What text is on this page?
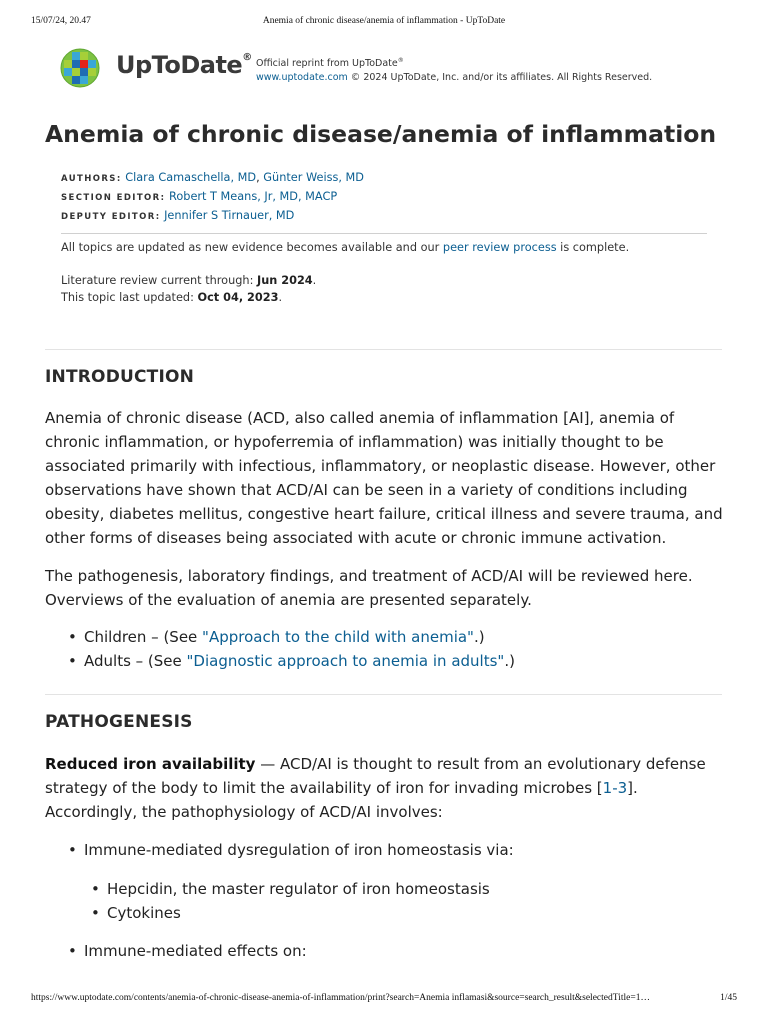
15/07/24, 20.47	Anemia of chronic disease/anemia of inflammation - UpToDate
UpToDate®
Official reprint from UpToDate®
www.uptodate.com © 2024 UpToDate, Inc. and/or its affiliates. All Rights Reserved.
Anemia of chronic disease/anemia of inflammation
AUTHORS: Clara Camaschella, MD, Günter Weiss, MD
SECTION EDITOR: Robert T Means, Jr, MD, MACP
DEPUTY EDITOR: Jennifer S Tirnauer, MD
All topics are updated as new evidence becomes available and our peer review process is complete.
Literature review current through: Jun 2024.
This topic last updated: Oct 04, 2023.
INTRODUCTION

Anemia of chronic disease (ACD, also called anemia of inflammation [AI], anemia of chronic inflammation, or hypoferremia of inflammation) was initially thought to be associated primarily with infectious, inflammatory, or neoplastic disease. However, other observations have shown that ACD/AI can be seen in a variety of conditions including obesity, diabetes mellitus, congestive heart failure, critical illness and severe trauma, and other forms of diseases being associated with acute or chronic immune activation.

The pathogenesis, laboratory findings, and treatment of ACD/AI will be reviewed here. Overviews of the evaluation of anemia are presented separately.

• Children – (See "Approach to the child with anemia".)
• Adults – (See "Diagnostic approach to anemia in adults".)
PATHOGENESIS

Reduced iron availability — ACD/AI is thought to result from an evolutionary defense strategy of the body to limit the availability of iron for invading microbes [1-3]. Accordingly, the pathophysiology of ACD/AI involves:

• Immune-mediated dysregulation of iron homeostasis via:
• Hepcidin, the master regulator of iron homeostasis
• Cytokines
• Immune-mediated effects on:
https://www.uptodate.com/contents/anemia-of-chronic-disease-anemia-of-inflammation/print?search=Anemia inflamasi&source=search_result&selectedTitle=1…	1/45
